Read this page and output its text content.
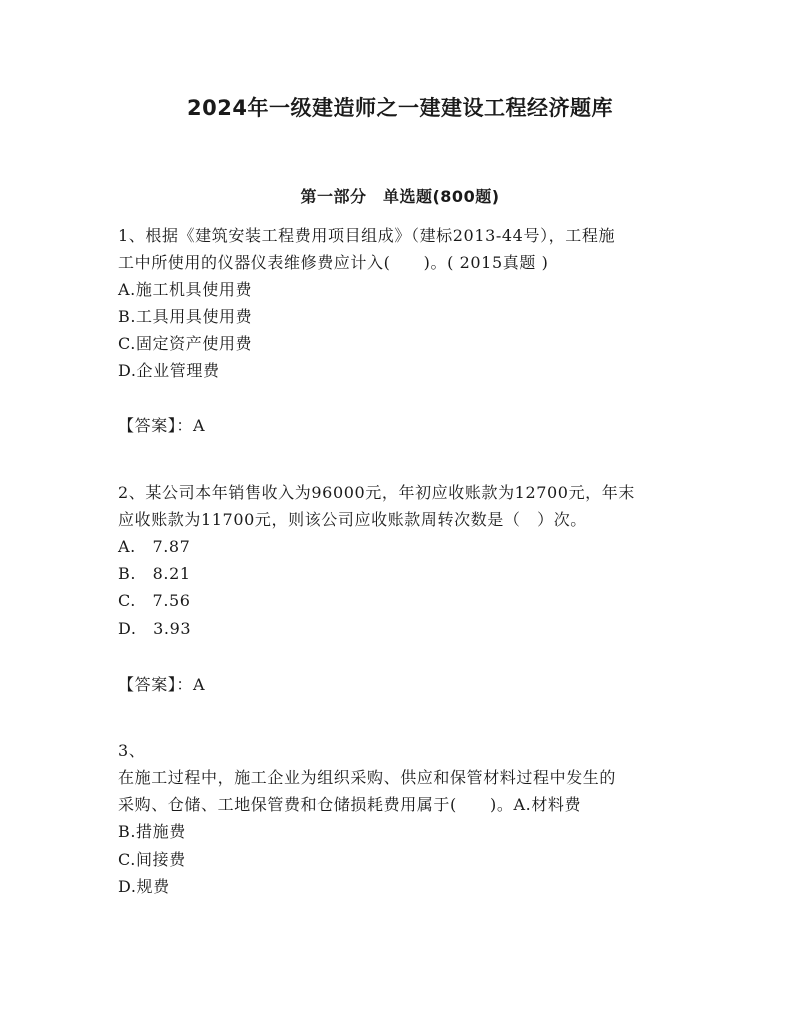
2024年一级建造师之一建建设工程经济题库
第一部分　单选题(800题)
1、根据《建筑安装工程费用项目组成》（建标2013-44号），工程施
工中所使用的仪器仪表维修费应计入(　　)。( 2015真题 )
A.施工机具使用费
B.工具用具使用费
C.固定资产使用费
D.企业管理费
【答案】：A
2、某公司本年销售收入为96000元，年初应收账款为12700元，年末
应收账款为11700元，则该公司应收账款周转次数是（　）次。
A.　7.87
B.　8.21
C.　7.56
D.　3.93
【答案】：A
3、
在施工过程中，施工企业为组织采购、供应和保管材料过程中发生的
采购、仓储、工地保管费和仓储损耗费用属于(　　)。A.材料费
B.措施费
C.间接费
D.规费
